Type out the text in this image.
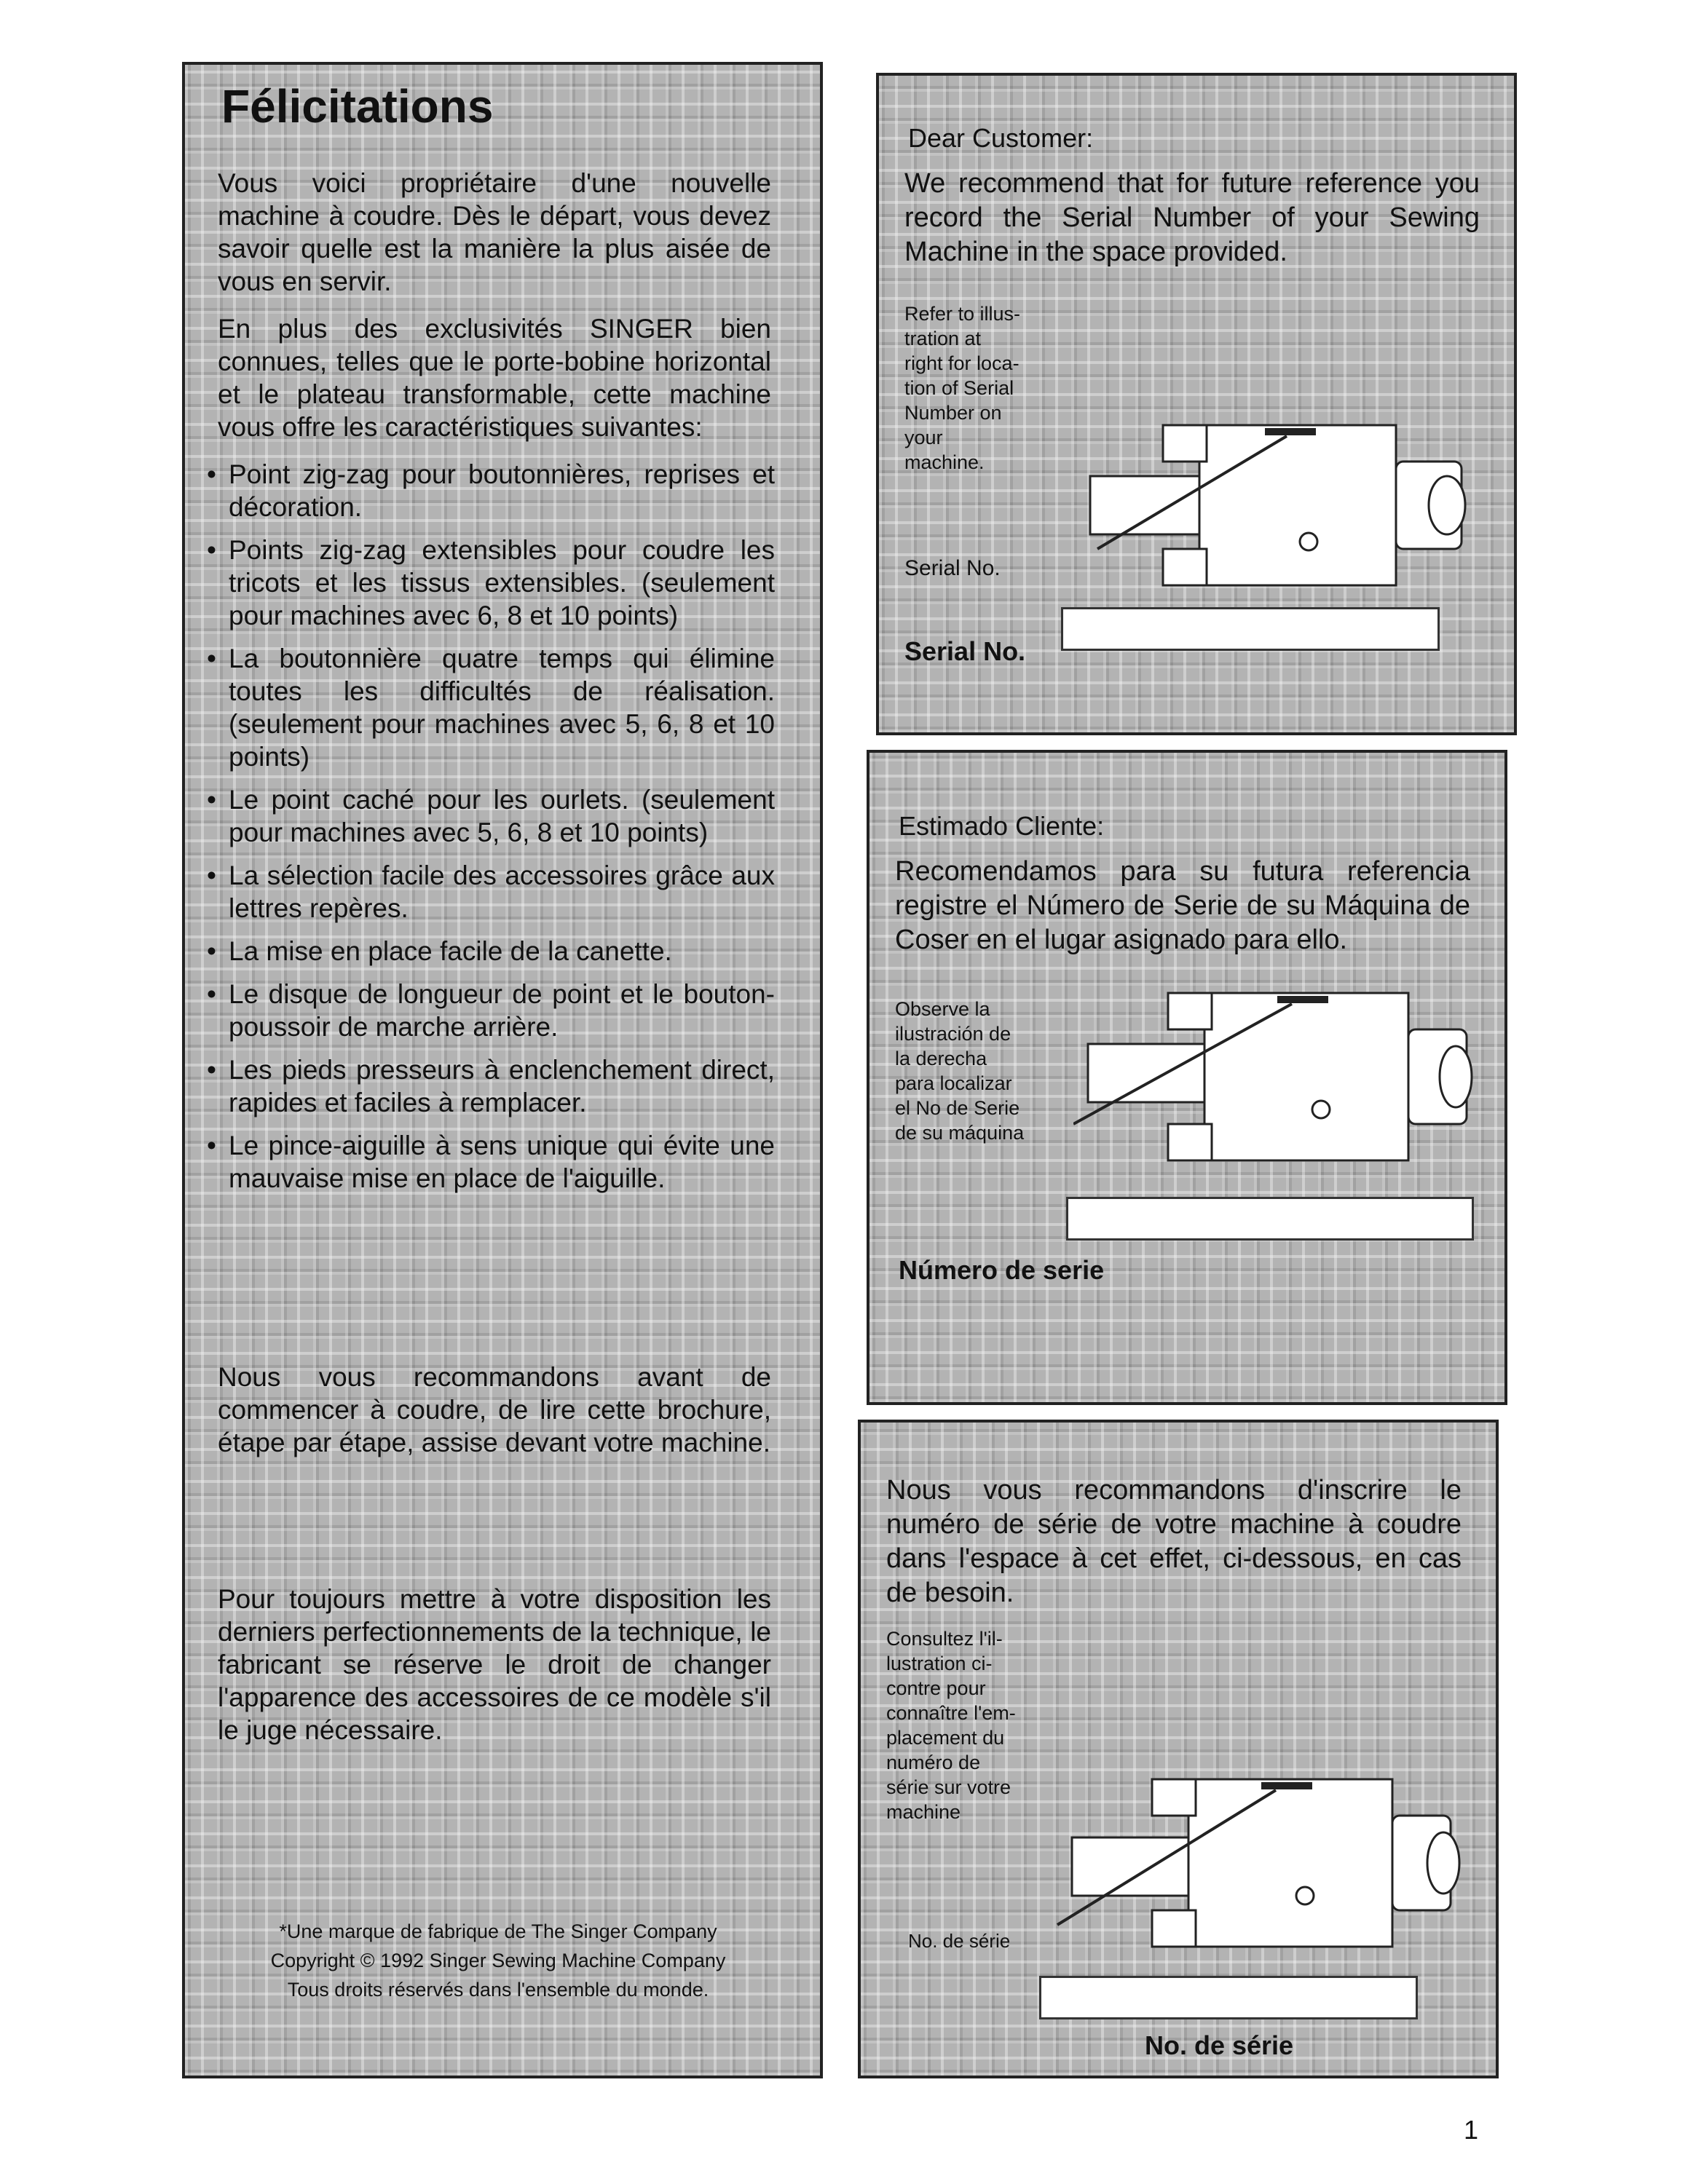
Félicitations

Vous voici propriétaire d'une nouvelle machine à coudre. Dès le départ, vous devez savoir quelle est la manière la plus aisée de vous en servir.

En plus des exclusivités SINGER bien connues, telles que le porte-bobine horizontal et le plateau transformable, cette machine vous offre les caractéristiques suivantes:

• Point zig-zag pour boutonnières, reprises et décoration.
• Points zig-zag extensibles pour coudre les tricots et les tissus extensibles. (seulement pour machines avec 6, 8 et 10 points)
• La boutonnière quatre temps qui élimine toutes les difficultés de réalisation. (seulement pour machines avec 5, 6, 8 et 10 points)
• Le point caché pour les ourlets. (seulement pour machines avec 5, 6, 8 et 10 points)
• La sélection facile des accessoires grâce aux lettres repères.
• La mise en place facile de la canette.
• Le disque de longueur de point et le bouton-poussoir de marche arrière.
• Les pieds presseurs à enclenchement direct, rapides et faciles à remplacer.
• Le pince-aiguille à sens unique qui évite une mauvaise mise en place de l'aiguille.

Nous vous recommandons avant de commencer à coudre, de lire cette brochure, étape par étape, assise devant votre machine.

Pour toujours mettre à votre disposition les derniers perfectionnements de la technique, le fabricant se réserve le droit de changer l'apparence des accessoires de ce modèle s'il le juge nécessaire.

*Une marque de fabrique de The Singer Company

Copyright © 1992 Singer Sewing Machine Company

Tous droits réservés dans l'ensemble du monde.

Dear Customer:

We recommend that for future reference you record the Serial Number of your Sewing Machine in the space provided.

Refer to illus-

tration at

right for loca-

tion of Serial

Number on

your

machine.

Serial No.

Serial No.

Estimado Cliente:

Recomendamos para su futura referencia registre el Número de Serie de su Máquina de Coser en el lugar asignado para ello.

Observe la

ilustración de

la derecha

para localizar

el No de Serie

de su máquina

Número de serie

Nous vous recommandons d'inscrire le numéro de série de votre machine à coudre dans l'espace à cet effet, ci-dessous, en cas de besoin.

Consultez l'il-

lustration ci-

contre pour

connaître l'em-

placement du

numéro de

série sur votre

machine

No. de série

No. de série

1
